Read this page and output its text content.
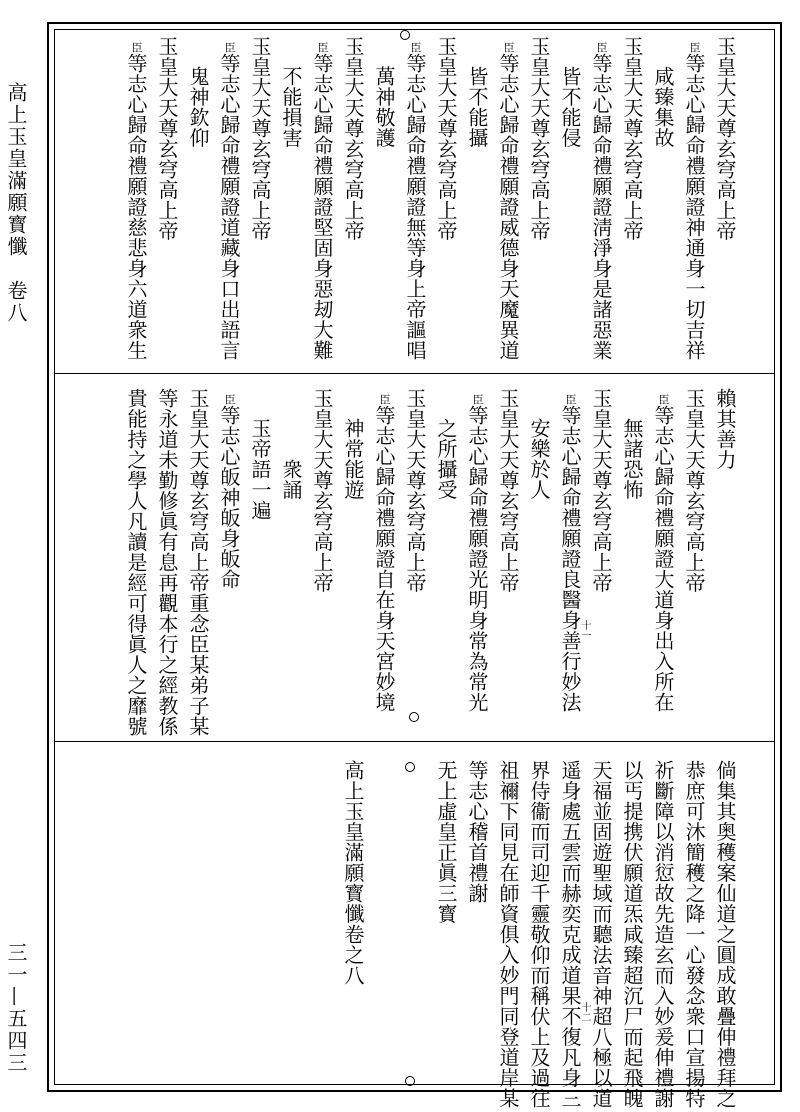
高上玉皇滿願寳懺　卷八
三一—五四三
玉皇大天尊玄穹高上帝
臣等志心歸命禮願證神通身一切吉祥
咸臻集故
玉皇大天尊玄穹高上帝
臣等志心歸命禮願證淸淨身是諸惡業
皆不能侵
玉皇大天尊玄穹高上帝
臣等志心歸命禮願證威德身天魔異道
皆不能攝
玉皇大天尊玄穹高上帝
臣等志心歸命禮願證無等身上帝謳唱
萬神敬護
玉皇大天尊玄穹高上帝
臣等志心歸命禮願證堅固身惡刼大難
不能損害
玉皇大天尊玄穹高上帝
臣等志心歸命禮願證道藏身口出語言
鬼神欽仰
玉皇大天尊玄穹高上帝
臣等志心歸命禮願證慈悲身六道衆生
賴其善力
玉皇大天尊玄穹高上帝
臣等志心歸命禮願證大道身出入所在
無諸恐怖
玉皇大天尊玄穹高上帝
臣等志心歸命禮願證良醫身善行妙法
安樂於人
玉皇大天尊玄穹高上帝
臣等志心歸命禮願證光明身常為常光
之所攝受
玉皇大天尊玄穹高上帝
臣等志心歸命禮願證自在身天宮妙境
神常能遊
玉皇大天尊玄穹高上帝
　　衆誦
玉帝語一遍
臣等志心皈神皈身皈命
玉皇大天尊玄穹高上帝重念臣某弟子某
等永道未勤修眞有息再觀本行之經教係
貴能持之學人凡讀是經可得眞人之靡號
倘集其奥穫案仙道之圓成敢疊伸禮拜之
恭庶可沐簡穫之降一心發念衆口宣揚特
祈斷障以消愆故先造玄而入妙爰伸禮謝
以丐提携伏願道炁咸臻超沉尸而起飛魄
天福並固遊聖域而聽法音神超八極以道
遥身處五雲而赫奕克成道果不復凡身三
界侍衞而司迎千靈敬仰而稱伏上及過往
祖禰下同見在師資俱入妙門同登道岸某
等志心稽首禮謝
无上虛皇正眞三寳
高上玉皇滿願寳懺卷之八
十一
十二
